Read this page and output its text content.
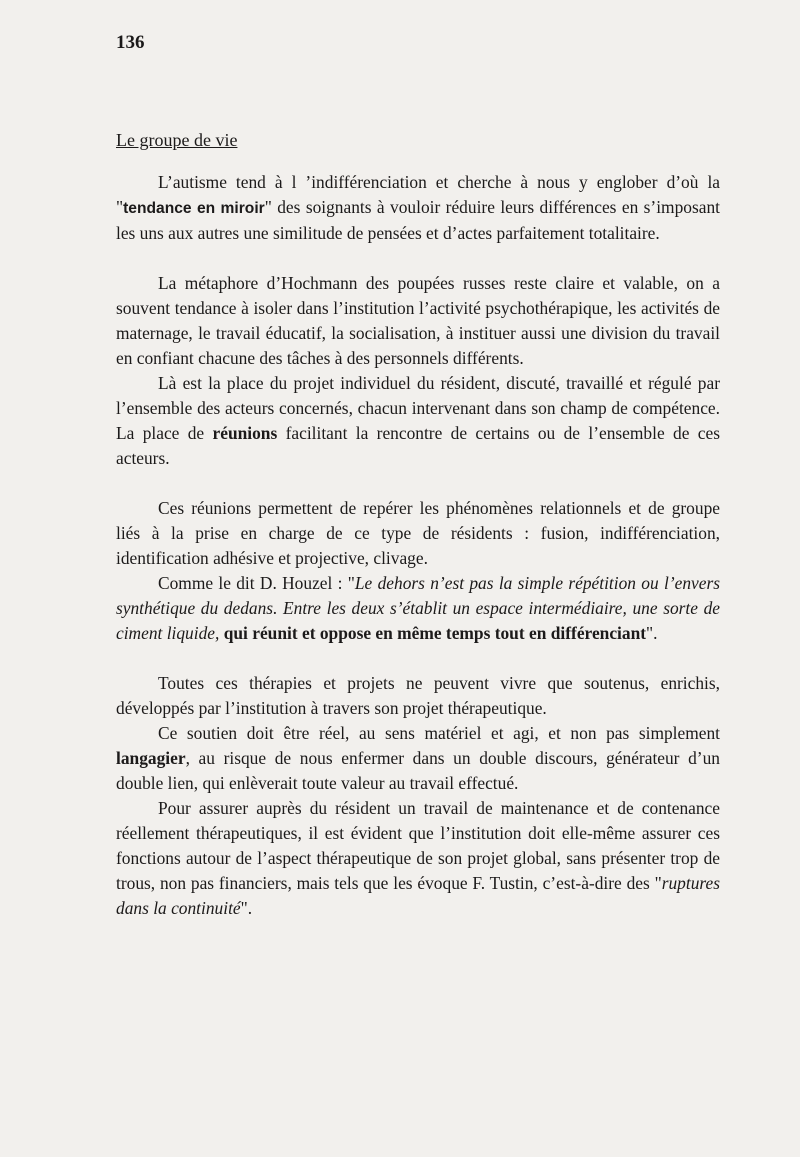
136
Le groupe de vie

L’autisme tend à l ’indifférenciation et cherche à nous y englober d’où la "tendance en miroir" des soignants à vouloir réduire leurs différences en s’imposant les uns aux autres une similitude de pensées et d’actes parfaitement totalitaire.

La métaphore d’Hochmann des poupées russes reste claire et valable, on a souvent tendance à isoler dans l’institution l’activité psychothérapique, les activités de maternage, le travail éducatif, la socialisation, à instituer aussi une division du travail en confiant chacune des tâches à des personnels différents.

Là est la place du projet individuel du résident, discuté, travaillé et régulé par l’ensemble des acteurs concernés, chacun intervenant dans son champ de compétence. La place de réunions facilitant la rencontre de certains ou de l’ensemble de ces acteurs.

Ces réunions permettent de repérer les phénomènes relationnels et de groupe liés à la prise en charge de ce type de résidents : fusion, indifférenciation, identification adhésive et projective, clivage.

Comme le dit D. Houzel : "Le dehors n’est pas la simple répétition ou l’envers synthétique du dedans. Entre les deux s’établit un espace intermédiaire, une sorte de ciment liquide, qui réunit et oppose en même temps tout en différenciant".

Toutes ces thérapies et projets ne peuvent vivre que soutenus, enrichis, développés par l’institution à travers son projet thérapeutique.

Ce soutien doit être réel, au sens matériel et agi, et non pas simplement langagier, au risque de nous enfermer dans un double discours, générateur d’un double lien, qui enlèverait toute valeur au travail effectué.

Pour assurer auprès du résident un travail de maintenance et de contenance réellement thérapeutiques, il est évident que l’institution doit elle-même assurer ces fonctions autour de l’aspect thérapeutique de son projet global, sans présenter trop de trous, non pas financiers, mais tels que les évoque F. Tustin, c’est-à-dire des "ruptures dans la continuité".
